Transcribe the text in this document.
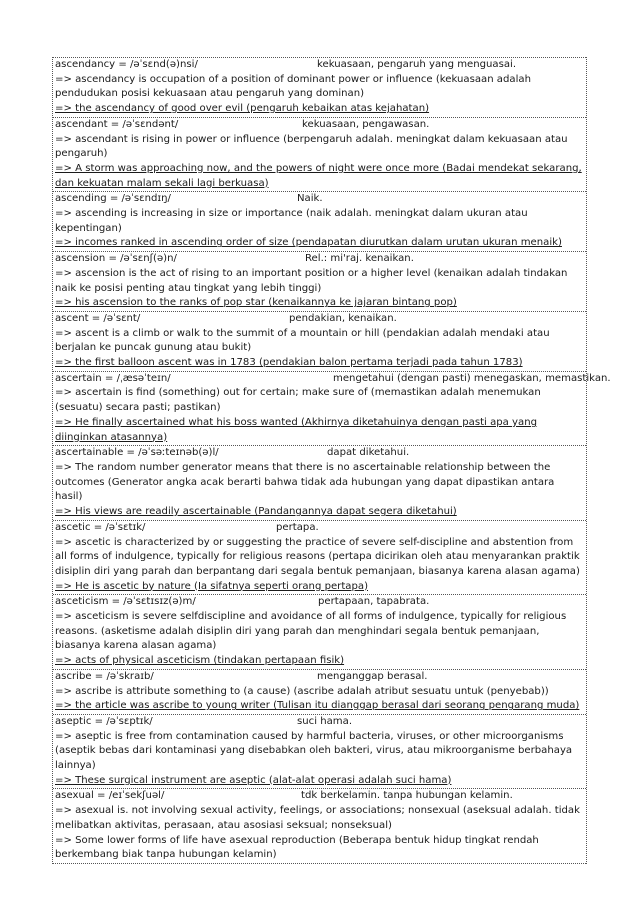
ascendancy = /əˈsɛnd(ə)nsi/	kekuasaan, pengaruh yang menguasai.
=> ascendancy is occupation of a position of dominant power or influence (kekuasaan adalah pendudukan posisi kekuasaan atau pengaruh yang dominan)
=> the ascendancy of good over evil (pengaruh kebaikan atas kejahatan)
ascendant = /əˈsɛndənt/	kekuasaan, pengawasan.
=> ascendant is rising in power or influence (berpengaruh adalah. meningkat dalam kekuasaan atau pengaruh)
=> A storm was approaching now, and the powers of night were once more (Badai mendekat sekarang, dan kekuatan malam sekali lagi berkuasa)
ascending = /əˈsɛndɪŋ/	Naik.
=> ascending is increasing in size or importance (naik adalah. meningkat dalam ukuran atau kepentingan)
=> incomes ranked in ascending order of size (pendapatan diurutkan dalam urutan ukuran menaik)
ascension = /əˈsɛnʃ(ə)n/	Rel.: mi'raj. kenaikan.
=> ascension is the act of rising to an important position or a higher level (kenaikan adalah tindakan naik ke posisi penting atau tingkat yang lebih tinggi)
=> his ascension to the ranks of pop star (kenaikannya ke jajaran bintang pop)
ascent = /əˈsɛnt/	pendakian, kenaikan.
=> ascent is a climb or walk to the summit of a mountain or hill (pendakian adalah mendaki atau berjalan ke puncak gunung atau bukit)
=> the first balloon ascent was in 1783 (pendakian balon pertama terjadi pada tahun 1783)
ascertain = /ˌæsəˈteɪn/	mengetahui (dengan pasti) menegaskan, memastikan.
=> ascertain is find (something) out for certain; make sure of (memastikan adalah menemukan (sesuatu) secara pasti; pastikan)
=> He finally ascertained what his boss wanted (Akhirnya diketahuinya dengan pasti apa yang diinginkan atasannya)
ascertainable = /əˈsəːteɪnəb(ə)l/	dapat diketahui.
=> The random number generator means that there is no ascertainable relationship between the outcomes (Generator angka acak berarti bahwa tidak ada hubungan yang dapat dipastikan antara hasil)
=> His views are readily ascertainable (Pandangannya dapat segera diketahui)
ascetic = /əˈsɛtɪk/	pertapa.
=> ascetic is characterized by or suggesting the practice of severe self-discipline and abstention from all forms of indulgence, typically for religious reasons (pertapa dicirikan oleh atau menyarankan praktik disiplin diri yang parah dan berpantang dari segala bentuk pemanjaan, biasanya karena alasan agama)
=> He is ascetic by nature (Ia sifatnya seperti orang pertapa)
asceticism = /əˈsɛtɪsɪz(ə)m/	pertapaan, tapabrata.
=> asceticism is severe selfdiscipline and avoidance of all forms of indulgence, typically for religious reasons. (asketisme adalah disiplin diri yang parah dan menghindari segala bentuk pemanjaan, biasanya karena alasan agama)
=> acts of physical asceticism (tindakan pertapaan fisik)
ascribe = /əˈskraɪb/	menganggap berasal.
=> ascribe is attribute something to (a cause) (ascribe adalah atribut sesuatu untuk (penyebab))
=> the article was ascribe to young writer (Tulisan itu dianggap berasal dari seorang pengarang muda)
aseptic = /əˈsɛptɪk/	suci hama.
=> aseptic is free from contamination caused by harmful bacteria, viruses, or other microorganisms (aseptik bebas dari kontaminasi yang disebabkan oleh bakteri, virus, atau mikroorganisme berbahaya lainnya)
=> These surgical instrument are aseptic (alat-alat operasi adalah suci hama)
asexual = /eɪˈsekʃuəl/	tdk berkelamin. tanpa hubungan kelamin.
=> asexual is. not involving sexual activity, feelings, or associations; nonsexual (aseksual adalah. tidak melibatkan aktivitas, perasaan, atau asosiasi seksual; nonseksual)
=> Some lower forms of life have asexual reproduction (Beberapa bentuk hidup tingkat rendah berkembang biak tanpa hubungan kelamin)
